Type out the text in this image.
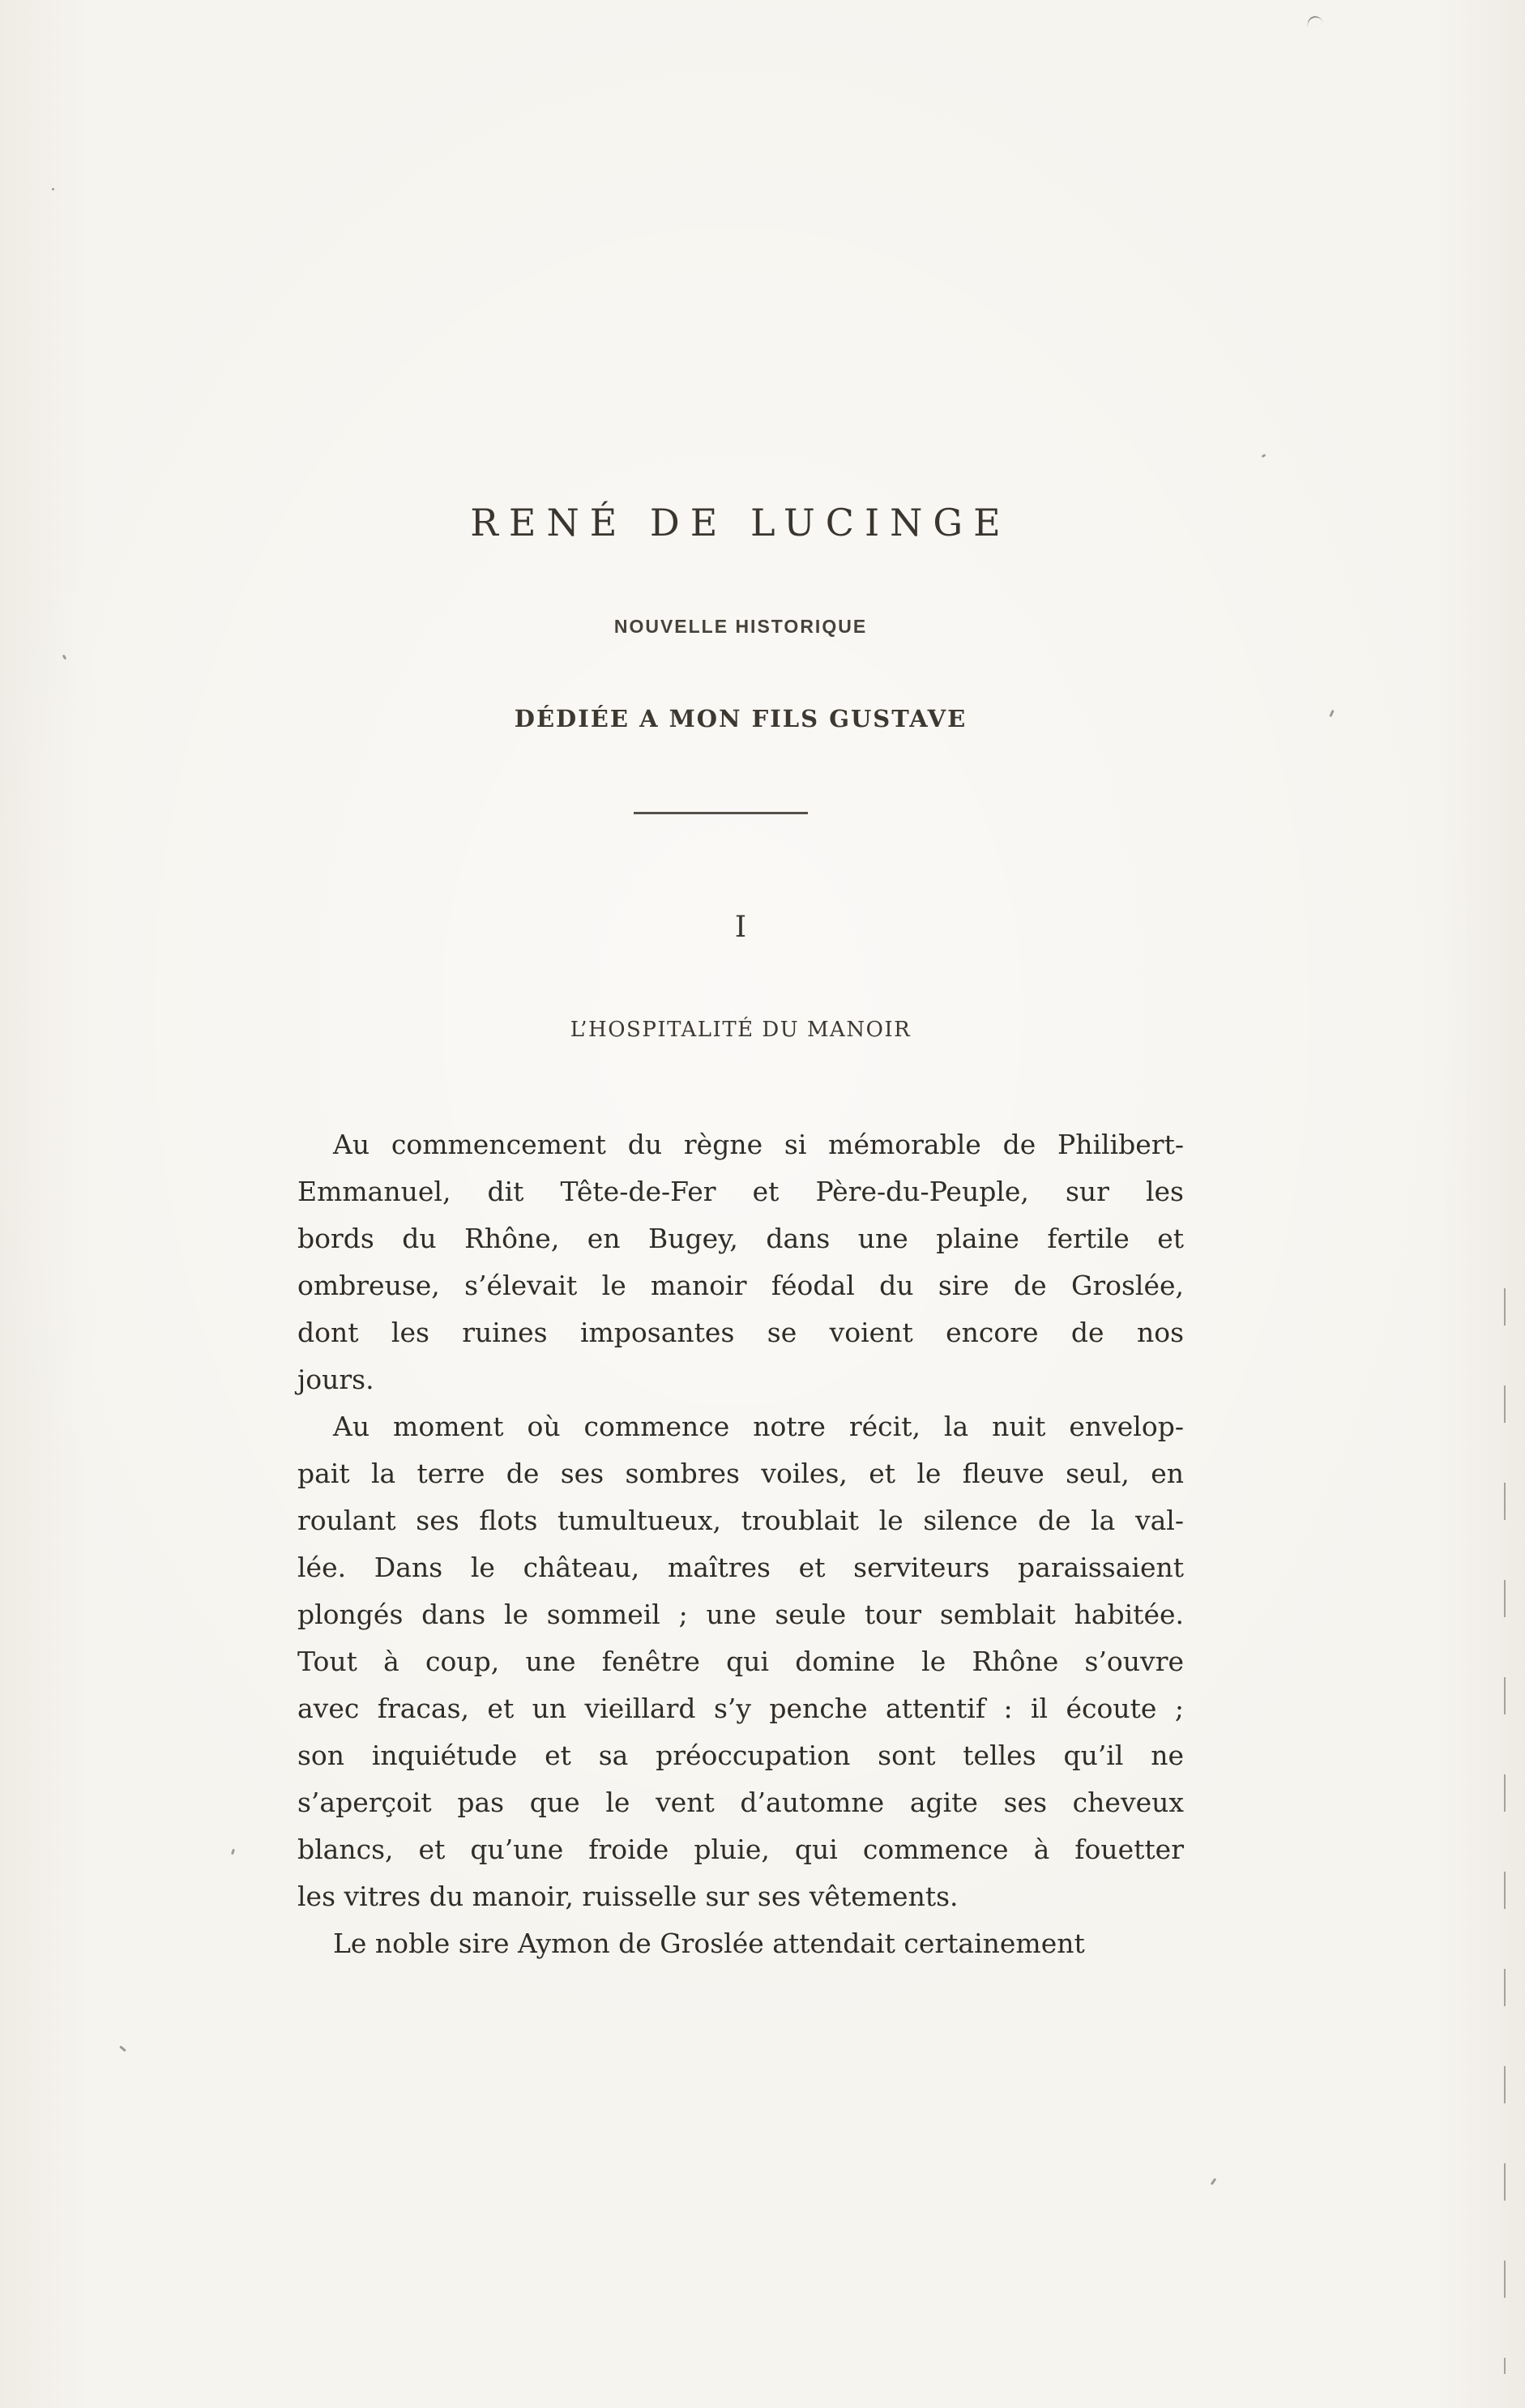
RENÉ DE LUCINGE
NOUVELLE HISTORIQUE
DÉDIÉE A MON FILS GUSTAVE
I
L’HOSPITALITÉ DU MANOIR
Au commencement du règne si mémorable de Philibert-
Emmanuel, dit Tête-de-Fer et Père-du-Peuple, sur les
bords du Rhône, en Bugey, dans une plaine fertile et
ombreuse, s’élevait le manoir féodal du sire de Groslée,
dont les ruines imposantes se voient encore de nos
jours.
Au moment où commence notre récit, la nuit envelop-
pait la terre de ses sombres voiles, et le fleuve seul, en
roulant ses flots tumultueux, troublait le silence de la val-
lée. Dans le château, maîtres et serviteurs paraissaient
plongés dans le sommeil ; une seule tour semblait habitée.
Tout à coup, une fenêtre qui domine le Rhône s’ouvre
avec fracas, et un vieillard s’y penche attentif : il écoute ;
son inquiétude et sa préoccupation sont telles qu’il ne
s’aperçoit pas que le vent d’automne agite ses cheveux
blancs, et qu’une froide pluie, qui commence à fouetter
les vitres du manoir, ruisselle sur ses vêtements.
Le noble sire Aymon de Groslée attendait certainement
